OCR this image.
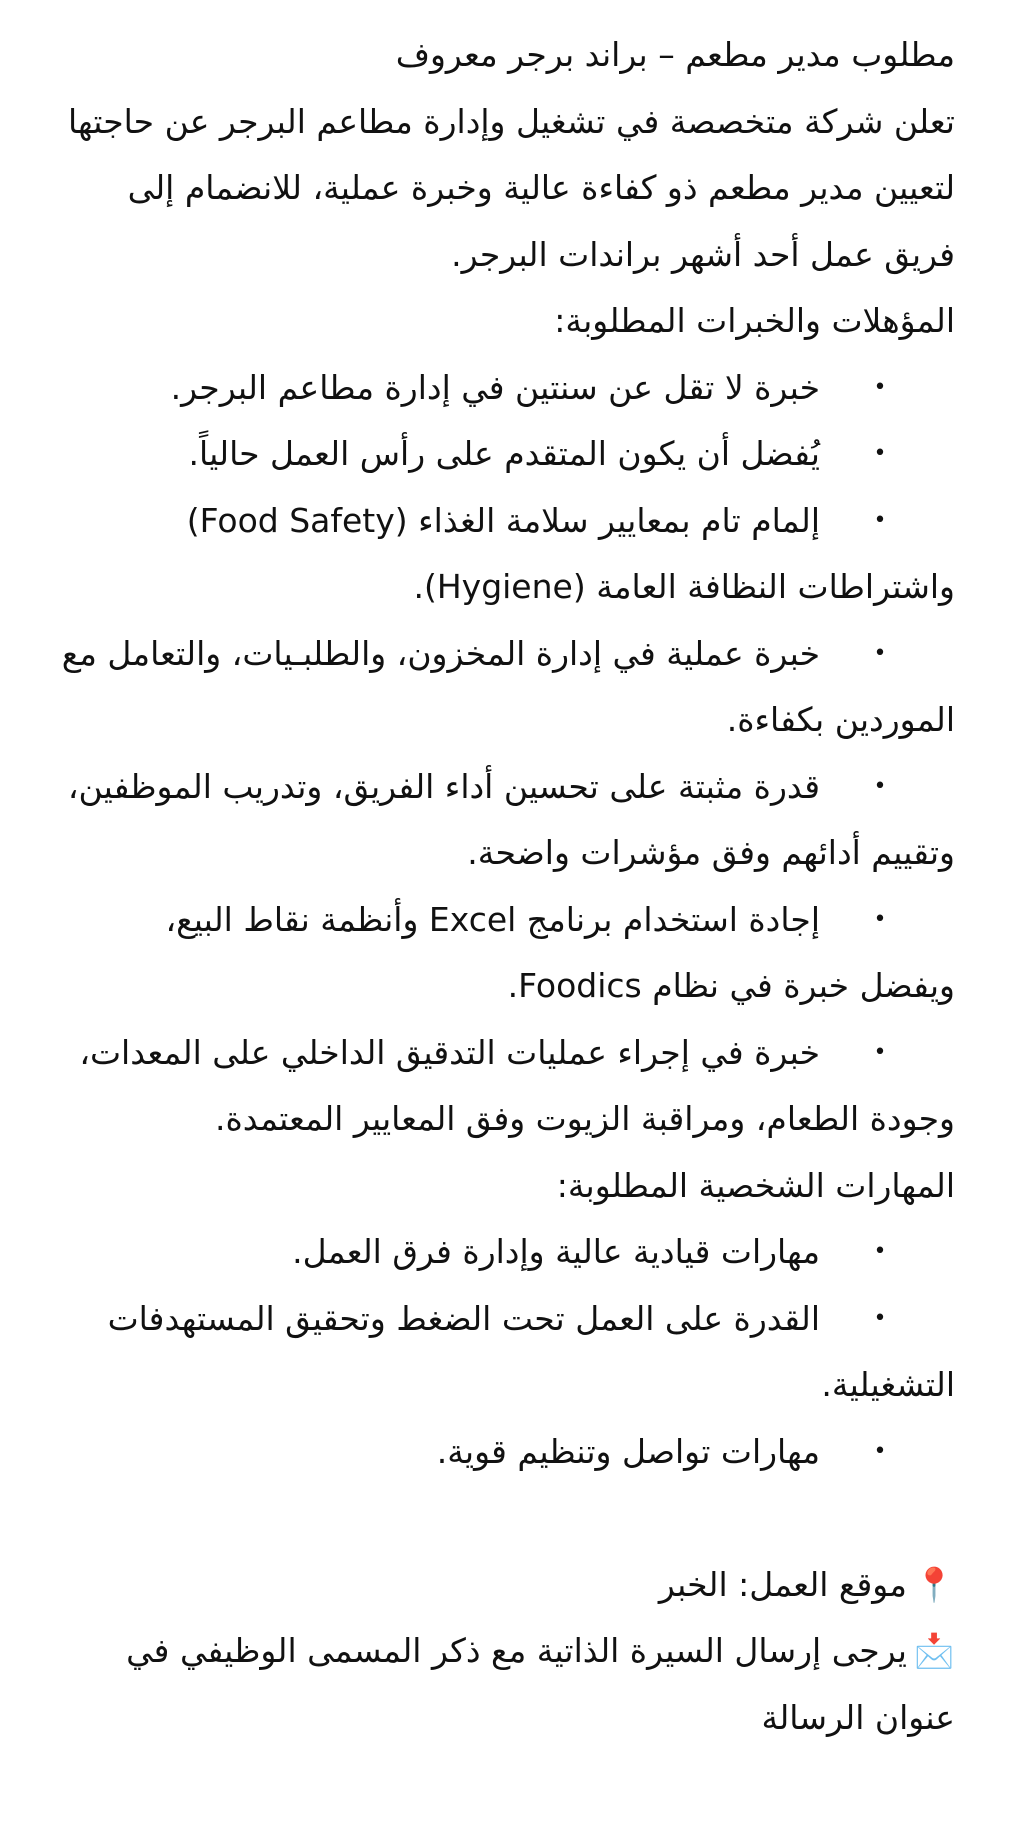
مطلوب مدير مطعم – براند برجر معروف
تعلن شركة متخصصة في تشغيل وإدارة مطاعم البرجر عن حاجتها لتعيين مدير مطعم ذو كفاءة عالية وخبرة عملية، للانضمام إلى فريق عمل أحد أشهر براندات البرجر.
المؤهلات والخبرات المطلوبة:
•
خبرة لا تقل عن سنتين في إدارة مطاعم البرجر.
•
يُفضل أن يكون المتقدم على رأس العمل حالياً.
•
إلمام تام بمعايير سلامة الغذاء (Food Safety) واشتراطات النظافة العامة (Hygiene).
•
خبرة عملية في إدارة المخزون، والطلبـيات، والتعامل مع الموردين بكفاءة.
•
قدرة مثبتة على تحسين أداء الفريق، وتدريب الموظفين، وتقييم أدائهم وفق مؤشرات واضحة.
•
إجادة استخدام برنامج Excel وأنظمة نقاط البيع، ويفضل خبرة في نظام Foodics.
•
خبرة في إجراء عمليات التدقيق الداخلي على المعدات، وجودة الطعام، ومراقبة الزيوت وفق المعايير المعتمدة.
المهارات الشخصية المطلوبة:
•
مهارات قيادية عالية وإدارة فرق العمل.
•
القدرة على العمل تحت الضغط وتحقيق المستهدفات التشغيلية.
•
مهارات تواصل وتنظيم قوية.
📍موقع العمل: الخبر
📩يرجى إرسال السيرة الذاتية مع ذكر المسمى الوظيفي في عنوان الرسالة
